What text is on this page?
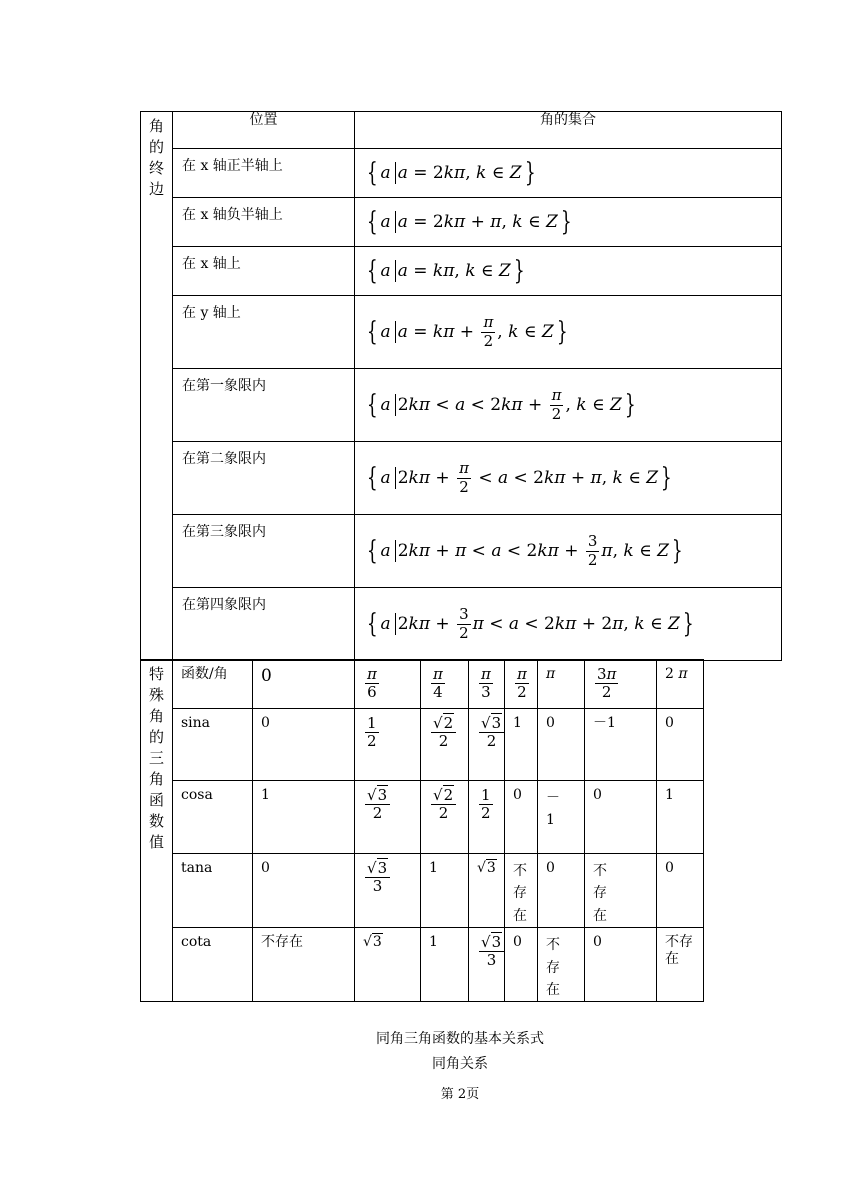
角的终边	位置	角的集合
	在 x 轴正半轴上	{ a a = 2kπ, k ∈ Z }
	在 x 轴负半轴上	{ a a = 2kπ + π, k ∈ Z }
	在 x 轴上	{ a a = kπ, k ∈ Z }
	在 y 轴上	{ a $a = k\pi + \frac{\pi}{2}$ , k ∈ Z }
	在第一象限内	{ a $2k\pi < a < 2k\pi + \frac{\pi}{2}$ , k ∈ Z }
	在第二象限内	{ a $2k\pi + \frac{\pi}{2} < a < 2k\pi + \pi$, k ∈ Z }
	在第三象限内	{ a $2k\pi + \pi < a < 2k\pi + \frac{3}{2} \pi$, k ∈ Z }
	在第四象限内	{ a $2k\pi + \frac{3}{2}$ π < a < 2kπ + 2π, k ∈ Z }
特殊角的三角函数值	函数/角	0	$\frac{\pi}{6}$	$\frac{\pi}{4}$	$\frac{\pi}{3}$	$\frac{\pi}{2}$	π	$\frac{3\pi}{2}$	2 π
	sina	0	$\frac{1}{2}$	$\frac{√2}{2}$	$\frac{√3}{2}$	1	0	－1	0
	cosa	1	$\frac{√3}{2}$	$\frac{√2}{2}$	$\frac{1}{2}$	0	－1	0	1
	tana	0	$\frac{√3}{3}$	1	√3	不存在	0	不存在	0
	cota	不存在	√3	1	$\frac{√3}{3}$	0	不存在	0	不存在
同角三角函数的基本关系式
同角关系
第 2页
